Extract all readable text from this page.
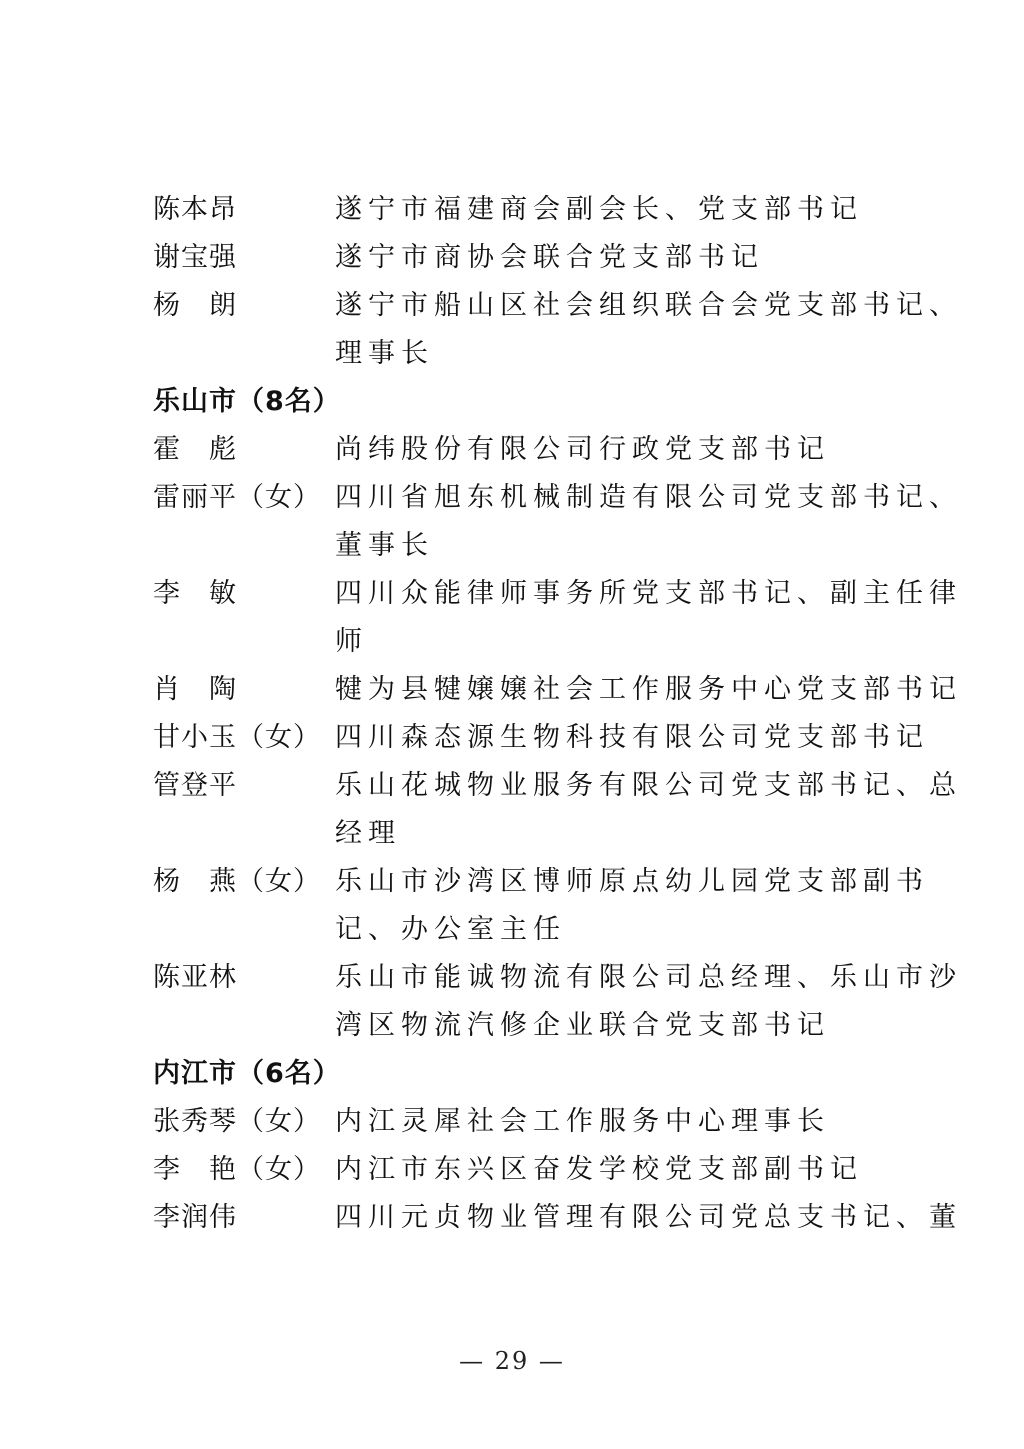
陈本昂	遂宁市福建商会副会长、党支部书记
谢宝强	遂宁市商协会联合党支部书记
杨　朗	遂宁市船山区社会组织联合会党支部书记、
理事长
乐山市（8名）
霍　彪	尚纬股份有限公司行政党支部书记
雷丽平（女） 四川省旭东机械制造有限公司党支部书记、
董事长
李　敏	四川众能律师事务所党支部书记、副主任律
师
肖　陶	犍为县犍嬢嬢社会工作服务中心党支部书记
甘小玉（女） 四川森态源生物科技有限公司党支部书记
管登平	乐山花城物业服务有限公司党支部书记、总
经理
杨　燕（女） 乐山市沙湾区博师原点幼儿园党支部副书
记、办公室主任
陈亚林	乐山市能诚物流有限公司总经理、乐山市沙
湾区物流汽修企业联合党支部书记
内江市（6名）
张秀琴（女） 内江灵犀社会工作服务中心理事长
李　艳（女） 内江市东兴区奋发学校党支部副书记
李润伟	四川元贞物业管理有限公司党总支书记、董
— 29 —
